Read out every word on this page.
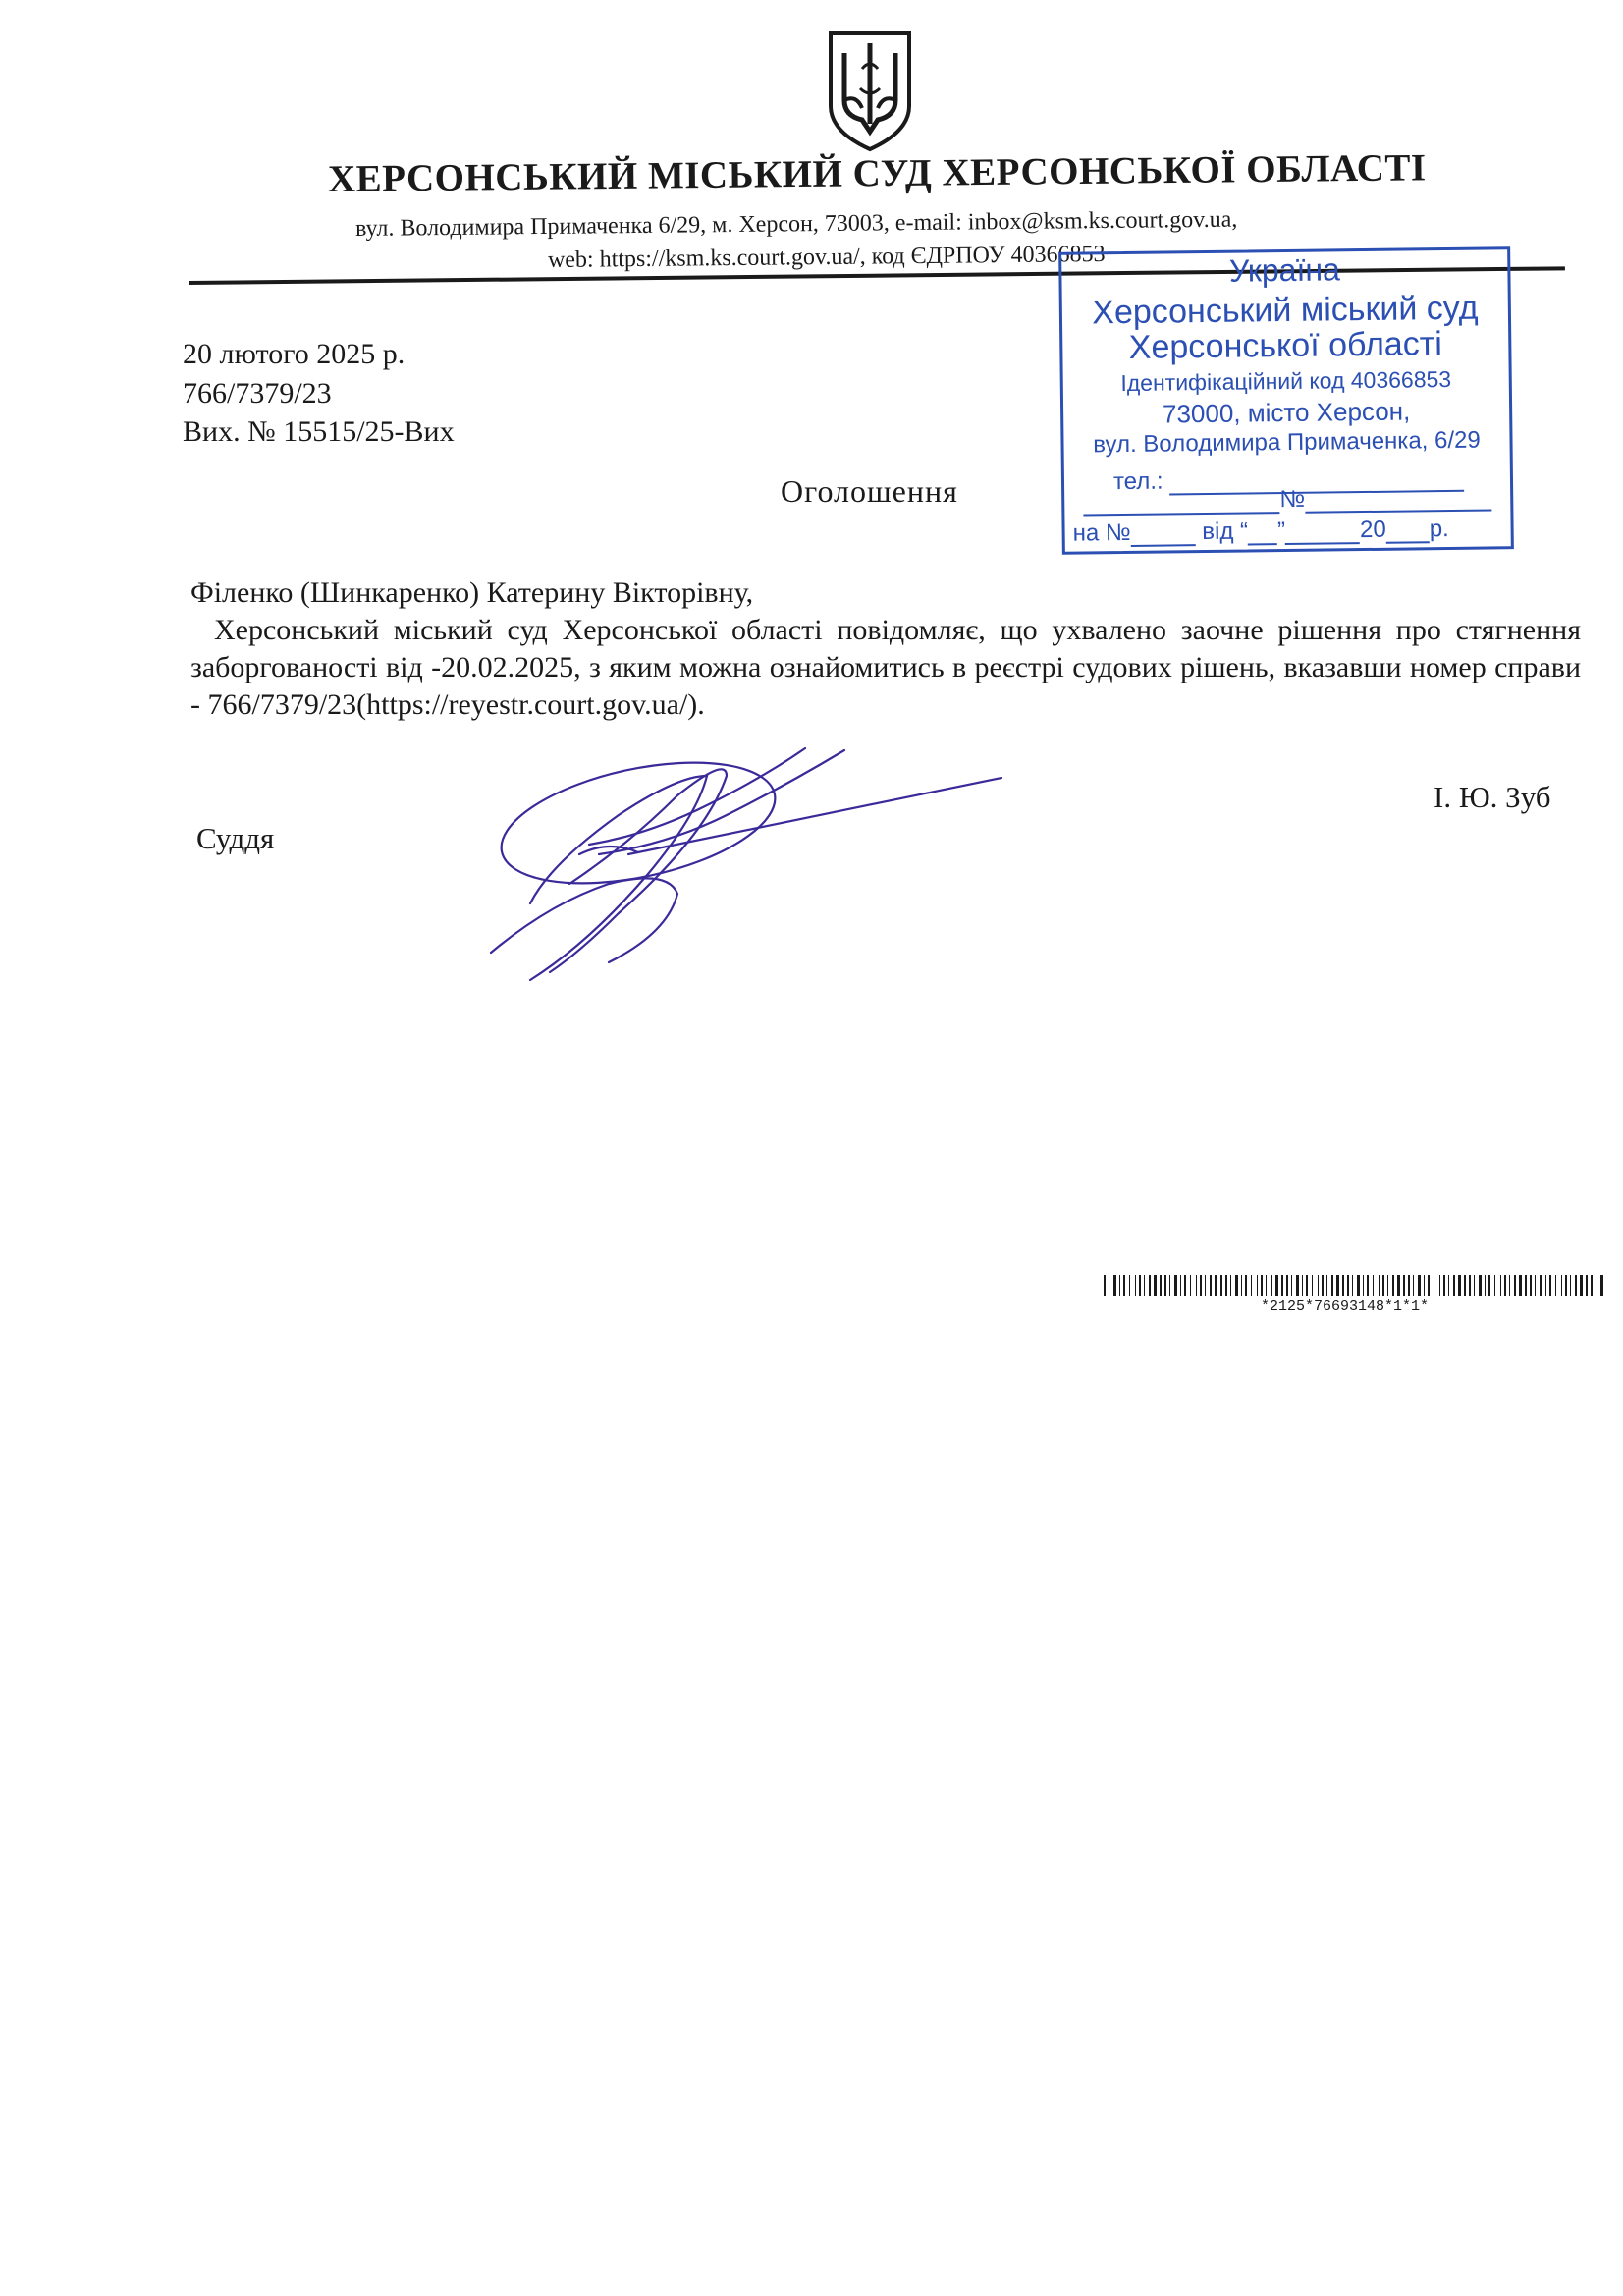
ХЕРСОНСЬКИЙ МІСЬКИЙ СУД ХЕРСОНСЬКОЇ ОБЛАСТІ
вул. Володимира Примаченка 6/29, м. Херсон, 73003, e-mail: inbox@ksm.ks.court.gov.ua,
web: https://ksm.ks.court.gov.ua/, код ЄДРПОУ 40366853	Україна
Херсонський міський суд
Херсонської області
Ідентифікаційний код 40366853
73000, місто Херсон,
вул. Володимира Примаченка, 6/29
тел.:
№
на №	від “ ”	20 р.
20 лютого 2025 р.
766/7379/23
Вих. № 15515/25-Вих
Оголошення
Філенко (Шинкаренко) Катерину Вікторівну,

Херсонський міський суд Херсонської області повідомляє, що ухвалено заочне рішення про стягнення заборгованості від -20.02.2025, з яким можна ознайомитись в реєстрі судових рішень, вказавши номер справи - 766/7379/23(https://reyestr.court.gov.ua/).

Суддя
І. Ю. Зуб
*2125*76693148*1*1*
